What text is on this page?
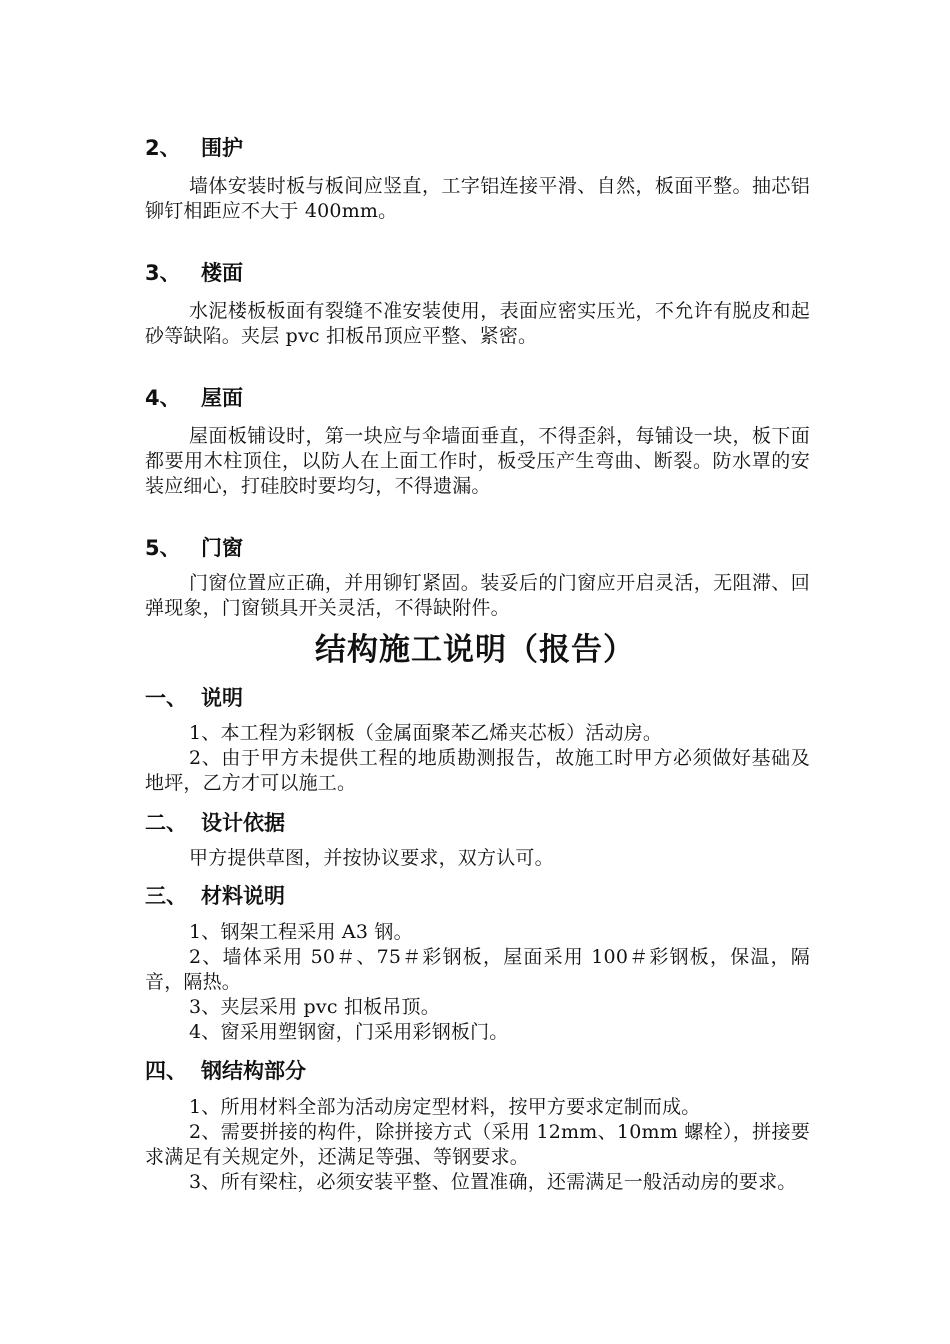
2、 围护

墙体安装时板与板间应竖直，工字铝连接平滑、自然，板面平整。抽芯铝铆钉相距应不大于 400mm。

3、 楼面

水泥楼板板面有裂缝不准安装使用，表面应密实压光，不允许有脱皮和起砂等缺陷。夹层 pvc 扣板吊顶应平整、紧密。

4、 屋面

屋面板铺设时，第一块应与伞墙面垂直，不得歪斜，每铺设一块，板下面都要用木柱顶住，以防人在上面工作时，板受压产生弯曲、断裂。防水罩的安装应细心，打硅胶时要均匀，不得遗漏。

5、 门窗

门窗位置应正确，并用铆钉紧固。装妥后的门窗应开启灵活，无阻滞、回弹现象，门窗锁具开关灵活，不得缺附件。

结构施工说明（报告）
一、 说明

1、本工程为彩钢板（金属面聚苯乙烯夹芯板）活动房。

2、由于甲方未提供工程的地质勘测报告，故施工时甲方必须做好基础及地坪，乙方才可以施工。

二、 设计依据

甲方提供草图，并按协议要求，双方认可。

三、 材料说明

1、钢架工程采用 A3 钢。

2、墙体采用 50＃、75＃彩钢板，屋面采用 100＃彩钢板，保温，隔音，隔热。

3、夹层采用 pvc 扣板吊顶。

4、窗采用塑钢窗，门采用彩钢板门。

四、 钢结构部分

1、所用材料全部为活动房定型材料，按甲方要求定制而成。

2、需要拼接的构件，除拼接方式（采用 12mm、10mm 螺栓），拼接要求满足有关规定外，还满足等强、等钢要求。

3、所有梁柱，必须安装平整、位置准确，还需满足一般活动房的要求。
